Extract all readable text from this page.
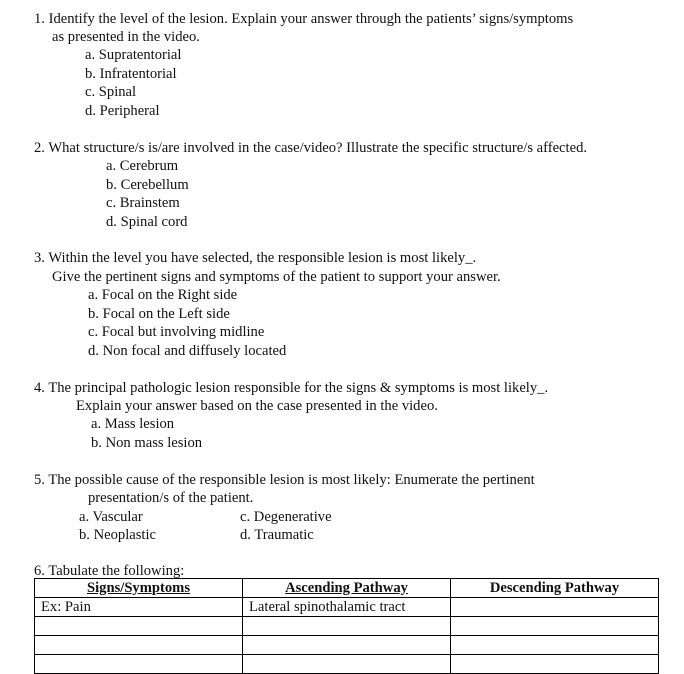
1. Identify the level of the lesion. Explain your answer through the patients’ signs/symptoms
as presented in the video.
a. Supratentorial
b. Infratentorial
c. Spinal
d. Peripheral
2. What structure/s is/are involved in the case/video? Illustrate the specific structure/s affected.
a. Cerebrum
b. Cerebellum
c. Brainstem
d. Spinal cord
3. Within the level you have selected, the responsible lesion is most likely_.
Give the pertinent signs and symptoms of the patient to support your answer.
a. Focal on the Right side
b. Focal on the Left side
c. Focal but involving midline
d. Non focal and diffusely located
4. The principal pathologic lesion responsible for the signs & symptoms is most likely_.
Explain your answer based on the case presented in the video.
a. Mass lesion
b. Non mass lesion
5. The possible cause of the responsible lesion is most likely: Enumerate the pertinent
presentation/s of the patient.
a. Vascular
b. Neoplastic
c. Degenerative
d. Traumatic
6. Tabulate the following:
Signs/Symptoms	Ascending Pathway	Descending Pathway
Ex: Pain	Lateral spinothalamic tract	
